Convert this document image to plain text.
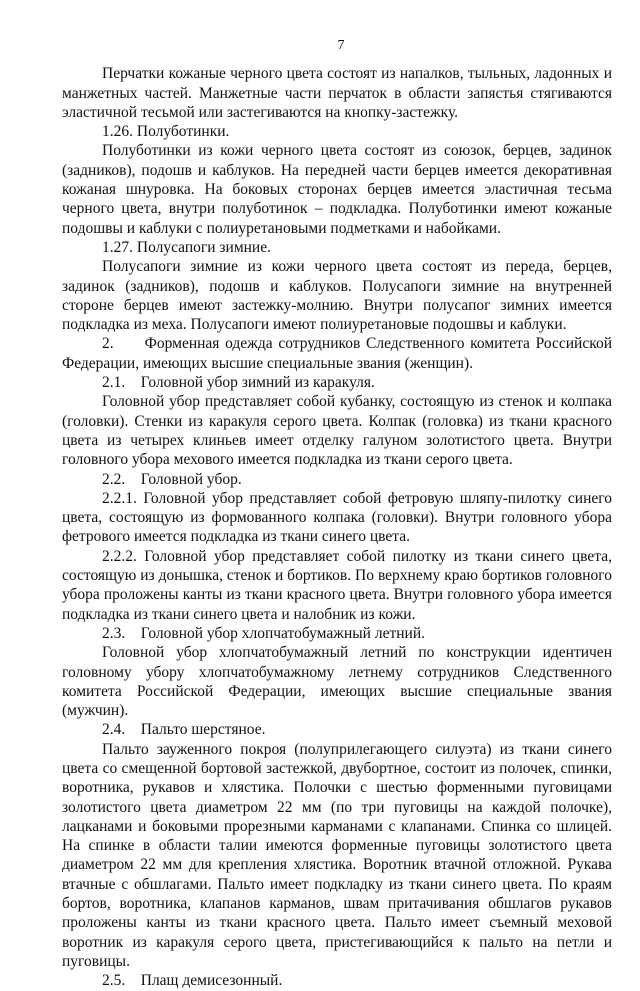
7

Перчатки кожаные черного цвета состоят из напалков, тыльных, ладонных и манжетных частей. Манжетные части перчаток в области запястья стягиваются эластичной тесьмой или застегиваются на кнопку-застежку.

1.26. Полуботинки.

Полуботинки из кожи черного цвета состоят из союзок, берцев, задинок (задников), подошв и каблуков. На передней части берцев имеется декоративная кожаная шнуровка. На боковых сторонах берцев имеется эластичная тесьма черного цвета, внутри полуботинок – подкладка. Полуботинки имеют кожаные подошвы и каблуки с полиуретановыми подметками и набойками.

1.27. Полусапоги зимние.

Полусапоги зимние из кожи черного цвета состоят из переда, берцев, задинок (задников), подошв и каблуков. Полусапоги зимние на внутренней стороне берцев имеют застежку-молнию. Внутри полусапог зимних имеется подкладка из меха. Полусапоги имеют полиуретановые подошвы и каблуки.

2.  Форменная одежда сотрудников Следственного комитета Российской Федерации, имеющих высшие специальные звания (женщин).

2.1. Головной убор зимний из каракуля.

Головной убор представляет собой кубанку, состоящую из стенок и колпака (головки). Стенки из каракуля серого цвета. Колпак (головка) из ткани красного цвета из четырех клиньев имеет отделку галуном золотистого цвета. Внутри головного убора мехового имеется подкладка из ткани серого цвета.

2.2. Головной убор.

2.2.1. Головной убор представляет собой фетровую шляпу-пилотку синего цвета, состоящую из формованного колпака (головки). Внутри головного убора фетрового имеется подкладка из ткани синего цвета.

2.2.2. Головной убор представляет собой пилотку из ткани синего цвета, состоящую из донышка, стенок и бортиков. По верхнему краю бортиков головного убора проложены канты из ткани красного цвета. Внутри головного убора имеется подкладка из ткани синего цвета и налобник из кожи.

2.3. Головной убор хлопчатобумажный летний.

Головной убор хлопчатобумажный летний по конструкции идентичен головному убору хлопчатобумажному летнему сотрудников Следственного комитета Российской Федерации, имеющих высшие специальные звания (мужчин).

2.4. Пальто шерстяное.

Пальто зауженного покроя (полуприлегающего силуэта) из ткани синего цвета со смещенной бортовой застежкой, двубортное, состоит из полочек, спинки, воротника, рукавов и хлястика. Полочки с шестью форменными пуговицами золотистого цвета диаметром 22 мм (по три пуговицы на каждой полочке), лацканами и боковыми прорезными карманами с клапанами. Спинка со шлицей. На спинке в области талии имеются форменные пуговицы золотистого цвета диаметром 22 мм для крепления хлястика. Воротник втачной отложной. Рукава втачные с обшлагами. Пальто имеет подкладку из ткани синего цвета. По краям бортов, воротника, клапанов карманов, швам притачивания обшлагов рукавов проложены канты из ткани красного цвета. Пальто имеет съемный меховой воротник из каракуля серого цвета, пристегивающийся к пальто на петли и пуговицы.

2.5. Плащ демисезонный.
